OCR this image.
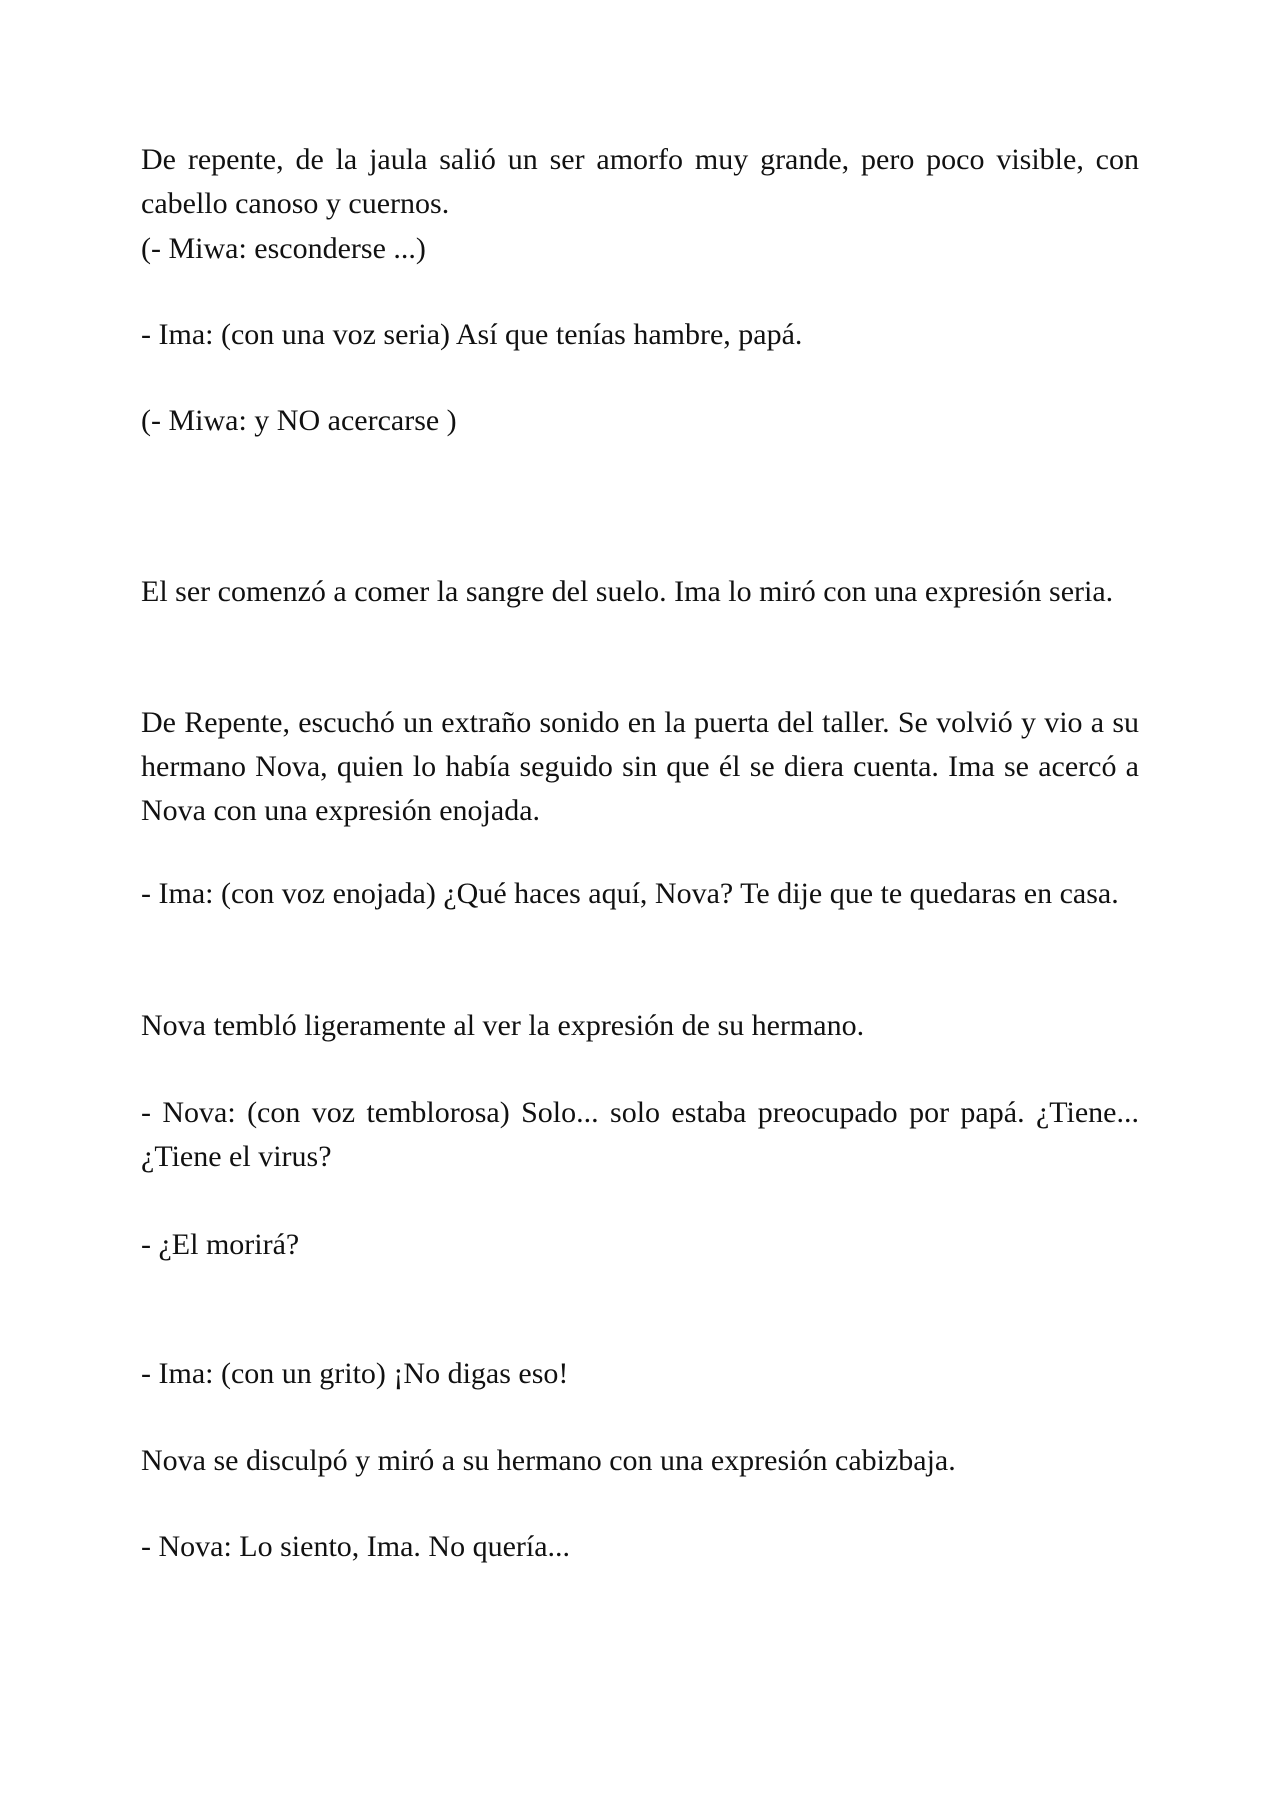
De repente, de la jaula salió un ser amorfo muy grande, pero poco visible, con cabello canoso y cuernos.

(- Miwa: esconderse ...)

- Ima: (con una voz seria) Así que tenías hambre, papá.

(- Miwa: y NO acercarse )

El ser comenzó a comer la sangre del suelo. Ima lo miró con una expresión seria.

De Repente, escuchó un extraño sonido en la puerta del taller. Se volvió y vio a su hermano Nova, quien lo había seguido sin que él se diera cuenta. Ima se acercó a Nova con una expresión enojada.

- Ima: (con voz enojada) ¿Qué haces aquí, Nova? Te dije que te quedaras en casa.

Nova tembló ligeramente al ver la expresión de su hermano.

- Nova: (con voz temblorosa) Solo... solo estaba preocupado por papá. ¿Tiene... ¿Tiene el virus?

- ¿El morirá?

- Ima: (con un grito) ¡No digas eso!

Nova se disculpó y miró a su hermano con una expresión cabizbaja.

- Nova: Lo siento, Ima. No quería...
